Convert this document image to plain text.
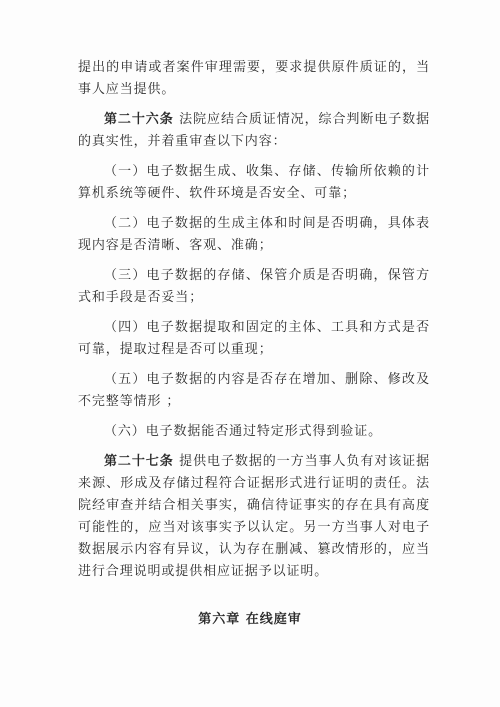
提出的申请或者案件审理需要，要求提供原件质证的，当事人应当提供。

第二十六条 法院应结合质证情况，综合判断电子数据的真实性，并着重审查以下内容：

（一）电子数据生成、收集、存储、传输所依赖的计算机系统等硬件、软件环境是否安全、可靠；

（二）电子数据的生成主体和时间是否明确，具体表现内容是否清晰、客观、准确；

（三）电子数据的存储、保管介质是否明确，保管方式和手段是否妥当；

（四）电子数据提取和固定的主体、工具和方式是否可靠，提取过程是否可以重现；

（五）电子数据的内容是否存在增加、删除、修改及不完整等情形 ；

（六）电子数据能否通过特定形式得到验证。

第二十七条 提供电子数据的一方当事人负有对该证据来源、形成及存储过程符合证据形式进行证明的责任。法院经审查并结合相关事实，确信待证事实的存在具有高度可能性的，应当对该事实予以认定。另一方当事人对电子数据展示内容有异议，认为存在删减、篡改情形的，应当进行合理说明或提供相应证据予以证明。

第六章 在线庭审
